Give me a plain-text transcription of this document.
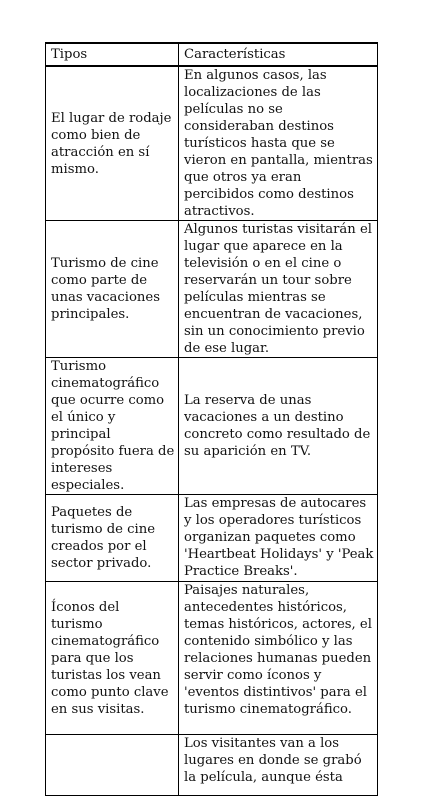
Tipos	Características
El lugar de rodaje como bien de atracción en sí mismo.	En algunos casos, las localizaciones de las películas no se consideraban destinos turísticos hasta que se vieron en pantalla, mientras que otros ya eran percibidos como destinos atractivos.
Turismo de cine como parte de unas vacaciones principales.	Algunos turistas visitarán el lugar que aparece en la televisión o en el cine o reservarán un tour sobre películas mientras se encuentran de vacaciones, sin un conocimiento previo de ese lugar.
Turismo cinematográfico que ocurre como el único y principal propósito fuera de intereses especiales.	La reserva de unas vacaciones a un destino concreto como resultado de su aparición en TV.
Paquetes de turismo de cine creados por el sector privado.	Las empresas de autocares y los operadores turísticos organizan paquetes como 'Heartbeat Holidays' y 'Peak Practice Breaks'.
Íconos del turismo cinematográfico para que los turistas los vean como punto clave en sus visitas.	Paisajes naturales, antecedentes históricos, temas históricos, actores, el contenido simbólico y las relaciones humanas pueden servir como íconos y 'eventos distintivos' para el turismo cinematográfico.
	Los visitantes van a los lugares en donde se grabó la película, aunque ésta
